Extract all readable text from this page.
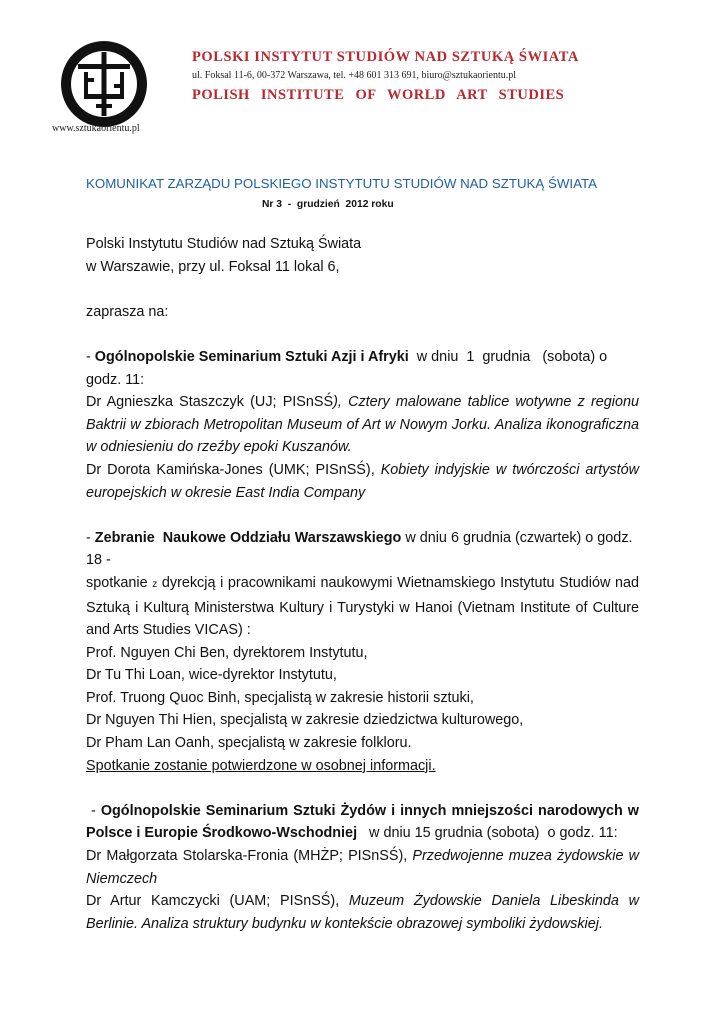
www.sztukaorientu.pl
POLSKI INSTYTUT STUDIÓW NAD SZTUKĄ ŚWIATA
ul. Foksal 11-6, 00-372 Warszawa, tel. +48 601 313 691, biuro@sztukaorientu.pl
POLISH INSTITUTE OF WORLD ART STUDIES
KOMUNIKAT ZARZĄDU POLSKIEGO INSTYTUTU STUDIÓW NAD SZTUKĄ ŚWIATA
Nr 3  -  grudzień  2012 roku

Polski Instytutu Studiów nad Sztuką Świata

w Warszawie, przy ul. Foksal 11 lokal 6,

zaprasza na:

- Ogólnopolskie Seminarium Sztuki Azji i Afryki  w dniu  1  grudnia   (sobota) o godz. 11:

Dr Agnieszka Staszczyk (UJ; PISnSŚ), Cztery malowane tablice wotywne z regionu Baktrii w zbiorach Metropolitan Museum of Art w Nowym Jorku. Analiza ikonograficzna w odniesieniu do rzeźby epoki Kuszanów.

Dr Dorota Kamińska-Jones (UMK; PISnSŚ), Kobiety indyjskie w twórczości artystów europejskich w okresie East India Company

- Zebranie  Naukowe Oddziału Warszawskiego w dniu 6 grudnia (czwartek) o godz. 18 -

spotkanie z dyrekcją i pracownikami naukowymi Wietnamskiego Instytutu Studiów nad Sztuką i Kulturą Ministerstwa Kultury i Turystyki w Hanoi (Vietnam Institute of Culture and Arts Studies VICAS) :

Prof. Nguyen Chi Ben, dyrektorem Instytutu,

Dr Tu Thi Loan, wice-dyrektor Instytutu,

Prof. Truong Quoc Binh, specjalistą w zakresie historii sztuki,

Dr Nguyen Thi Hien, specjalistą w zakresie dziedzictwa kulturowego,

Dr Pham Lan Oanh, specjalistą w zakresie folkloru.

Spotkanie zostanie potwierdzone w osobnej informacji.

- Ogólnopolskie Seminarium Sztuki Żydów i innych mniejszości narodowych w Polsce i Europie Środkowo-Wschodniej   w dniu 15 grudnia (sobota)  o godz. 11:

Dr Małgorzata Stolarska-Fronia (MHŻP; PISnSŚ), Przedwojenne muzea żydowskie w Niemczech

Dr Artur Kamczycki (UAM; PISnSŚ), Muzeum Żydowskie Daniela Libeskinda w Berlinie. Analiza struktury budynku w kontekście obrazowej symboliki żydowskiej.
